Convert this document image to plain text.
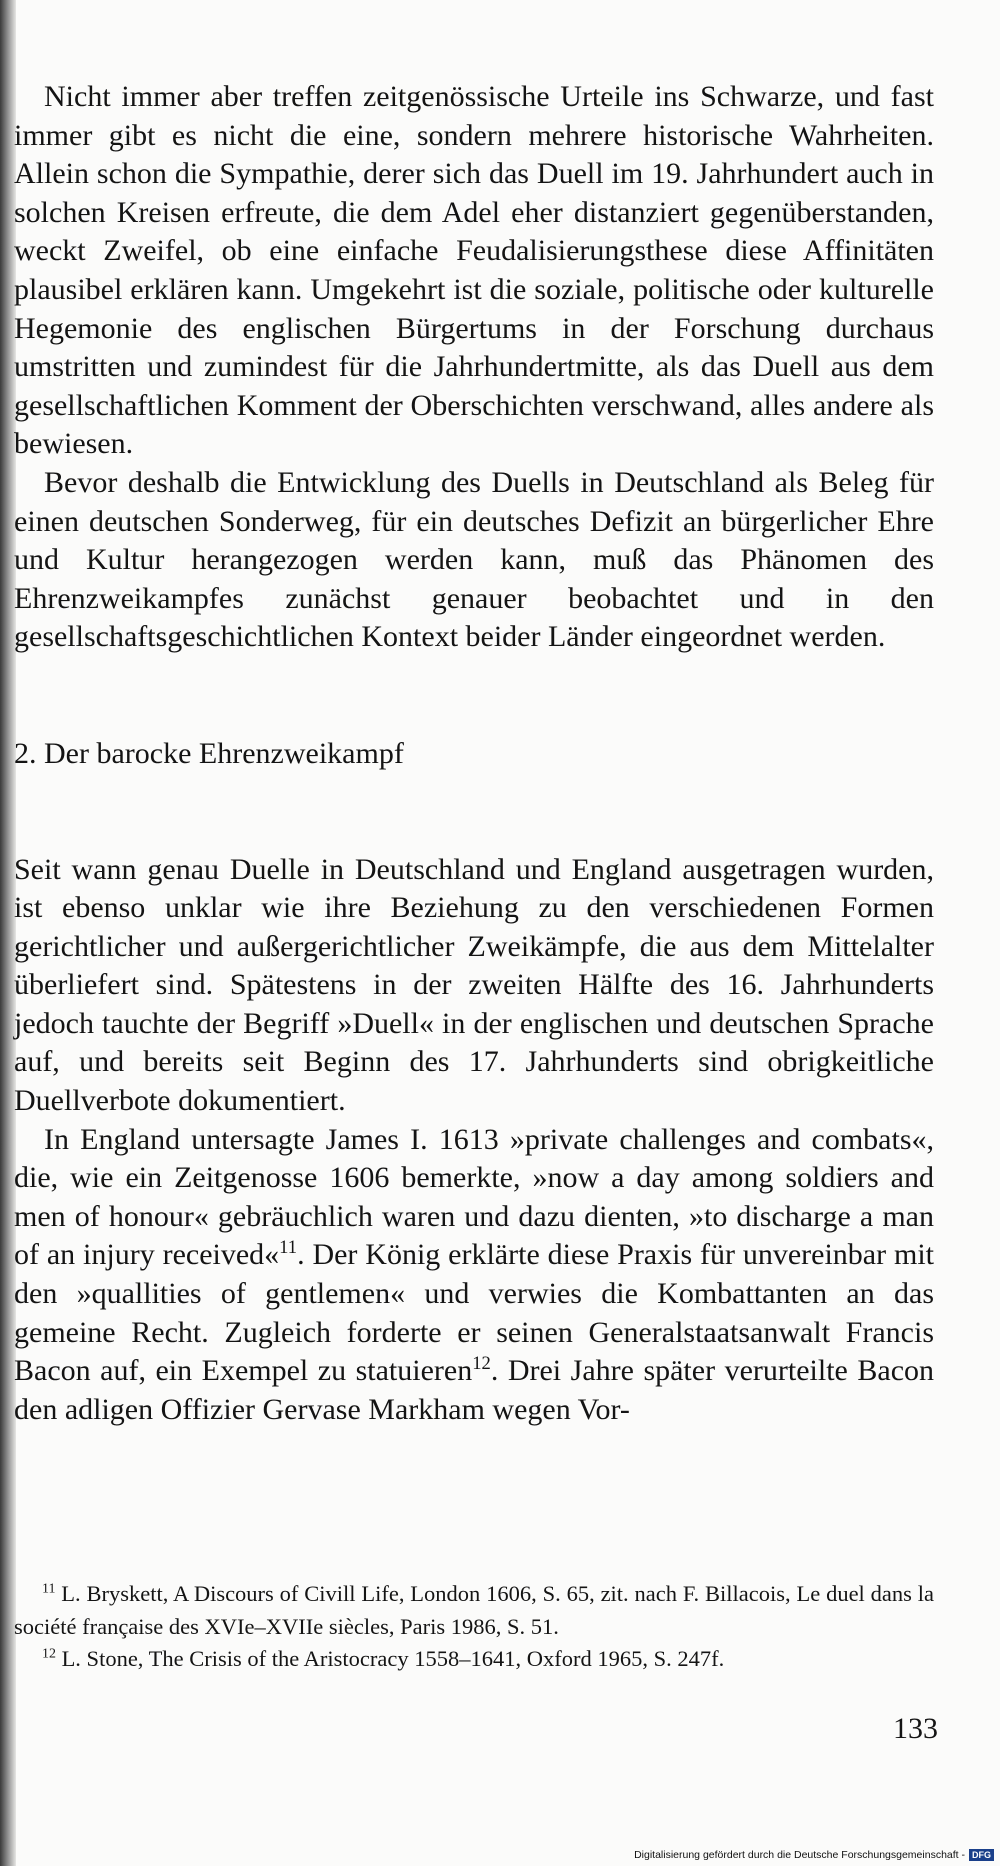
Nicht immer aber treffen zeitgenössische Urteile ins Schwarze, und fast immer gibt es nicht die eine, sondern mehrere historische Wahrheiten. Allein schon die Sympathie, derer sich das Duell im 19. Jahrhundert auch in solchen Kreisen erfreute, die dem Adel eher distanziert gegenüberstanden, weckt Zweifel, ob eine einfache Feudalisierungsthese diese Affinitäten plausibel erklären kann. Umgekehrt ist die soziale, politische oder kulturelle Hegemonie des englischen Bürgertums in der Forschung durchaus umstritten und zumindest für die Jahrhundertmitte, als das Duell aus dem gesellschaftlichen Komment der Oberschichten verschwand, alles andere als bewiesen.

Bevor deshalb die Entwicklung des Duells in Deutschland als Beleg für einen deutschen Sonderweg, für ein deutsches Defizit an bürgerlicher Ehre und Kultur herangezogen werden kann, muß das Phänomen des Ehrenzweikampfes zunächst genauer beobachtet und in den gesellschaftsgeschichtlichen Kontext beider Länder eingeordnet werden.

2. Der barocke Ehrenzweikampf

Seit wann genau Duelle in Deutschland und England ausgetragen wurden, ist ebenso unklar wie ihre Beziehung zu den verschiedenen Formen gerichtlicher und außergerichtlicher Zweikämpfe, die aus dem Mittelalter überliefert sind. Spätestens in der zweiten Hälfte des 16. Jahrhunderts jedoch tauchte der Begriff »Duell« in der englischen und deutschen Sprache auf, und bereits seit Beginn des 17. Jahrhunderts sind obrigkeitliche Duellverbote dokumentiert.

In England untersagte James I. 1613 »private challenges and combats«, die, wie ein Zeitgenosse 1606 bemerkte, »now a day among soldiers and men of honour« gebräuchlich waren und dazu dienten, »to discharge a man of an injury received«$^{11}$. Der König erklärte diese Praxis für unvereinbar mit den »quallities of gentlemen« und verwies die Kombattanten an das gemeine Recht. Zugleich forderte er seinen Generalstaatsanwalt Francis Bacon auf, ein Exempel zu statuieren$^{12}$. Drei Jahre später verurteilte Bacon den adligen Offizier Gervase Markham wegen Vor-

$^{11}$ L. Bryskett, A Discours of Civill Life, London 1606, S. 65, zit. nach F. Billacois, Le duel dans la société française des XVIe–XVIIe siècles, Paris 1986, S. 51.

$^{12}$ L. Stone, The Crisis of the Aristocracy 1558–1641, Oxford 1965, S. 247f.

133
Digitalisierung gefördert durch die Deutsche Forschungsgemeinschaft - DFG
